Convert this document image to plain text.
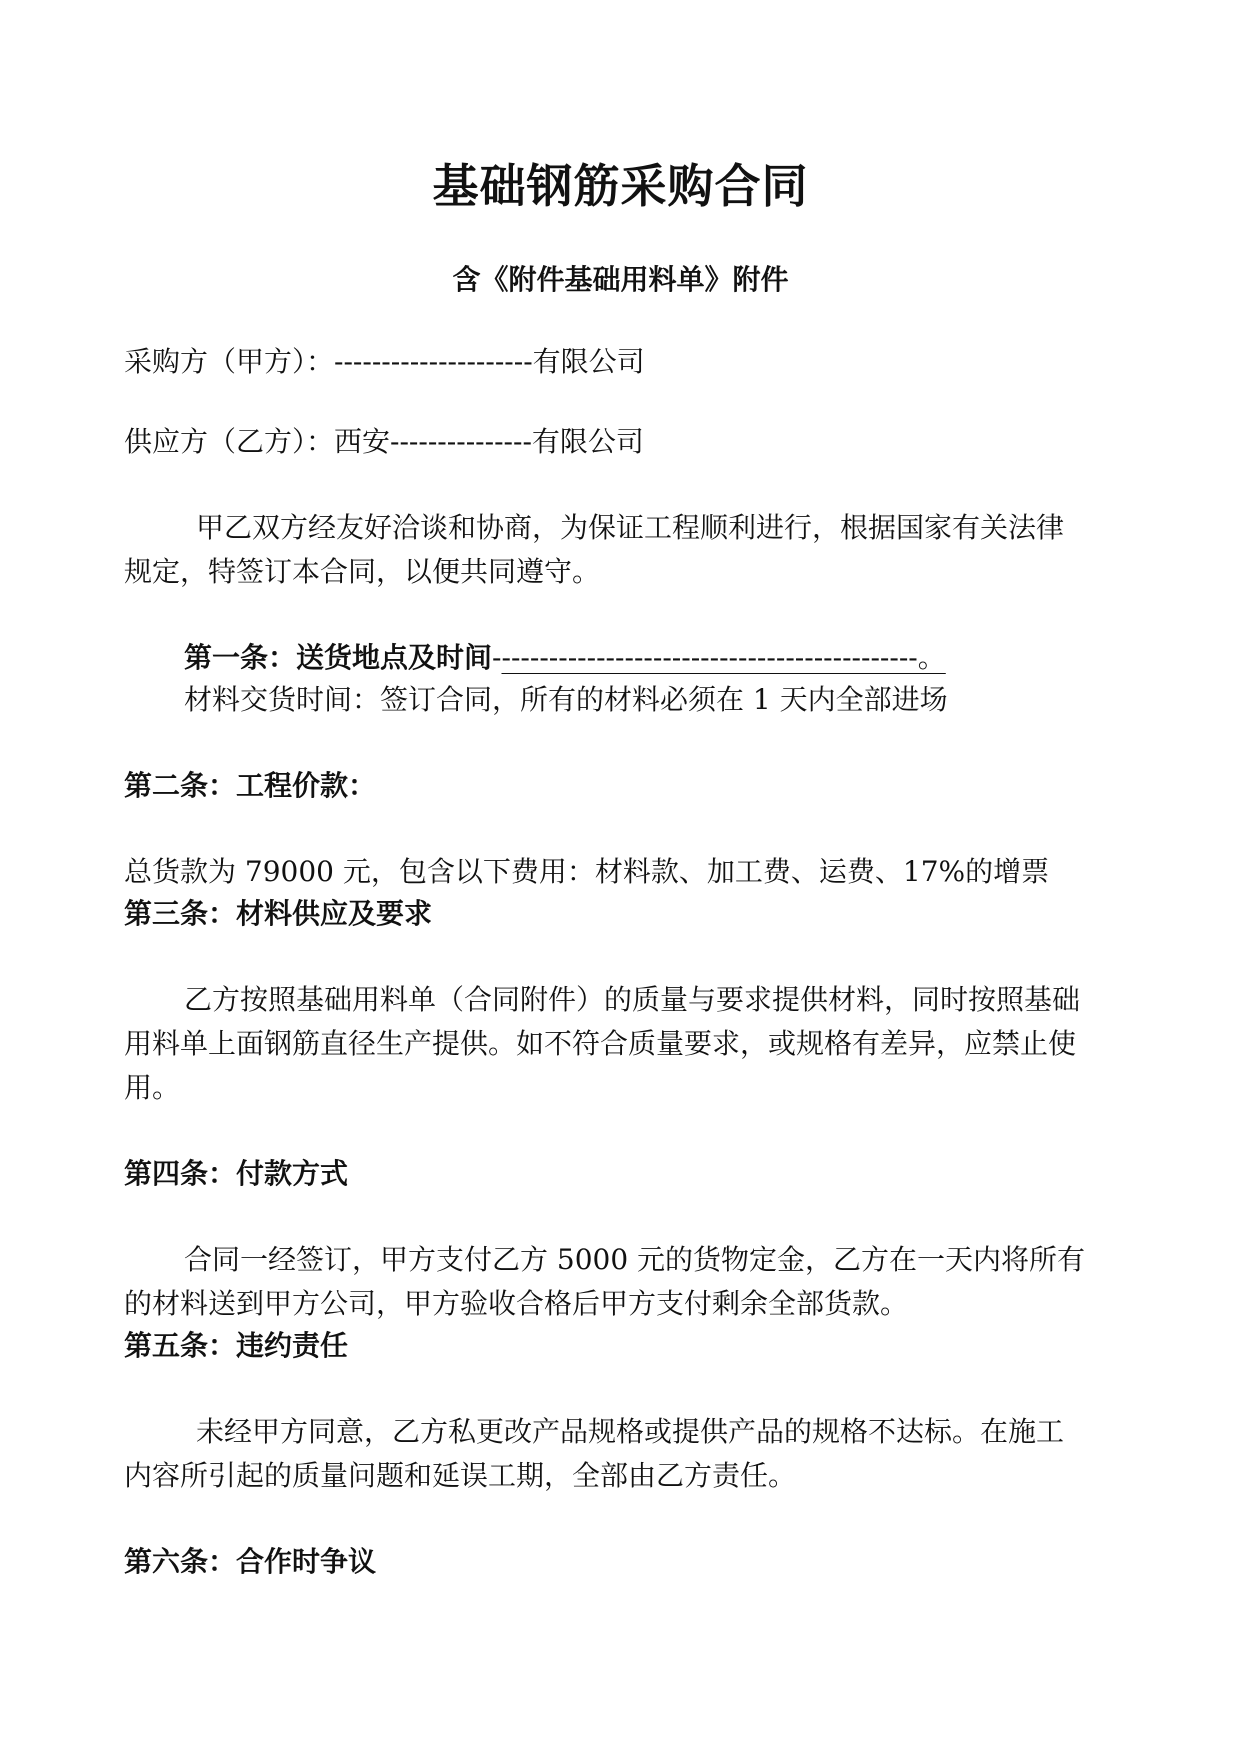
基础钢筋采购合同
含《附件基础用料单》附件
采购方（甲方）：---------------------有限公司
供应方（乙方）：西安---------------有限公司
甲乙双方经友好洽谈和协商，为保证工程顺利进行，根据国家有关法律
规定，特签订本合同，以便共同遵守。
第一条：送货地点及时间---------------------------------------------。
材料交货时间：签订合同，所有的材料必须在 1 天内全部进场
第二条：工程价款：
总货款为 79000 元，包含以下费用：材料款、加工费、运费、17%的增票
第三条：材料供应及要求
乙方按照基础用料单（合同附件）的质量与要求提供材料，同时按照基础
用料单上面钢筋直径生产提供。如不符合质量要求，或规格有差异，应禁止使
用。
第四条：付款方式
合同一经签订，甲方支付乙方 5000 元的货物定金，乙方在一天内将所有
的材料送到甲方公司，甲方验收合格后甲方支付剩余全部货款。
第五条：违约责任
未经甲方同意，乙方私更改产品规格或提供产品的规格不达标。在施工
内容所引起的质量问题和延误工期，全部由乙方责任。
第六条：合作时争议
